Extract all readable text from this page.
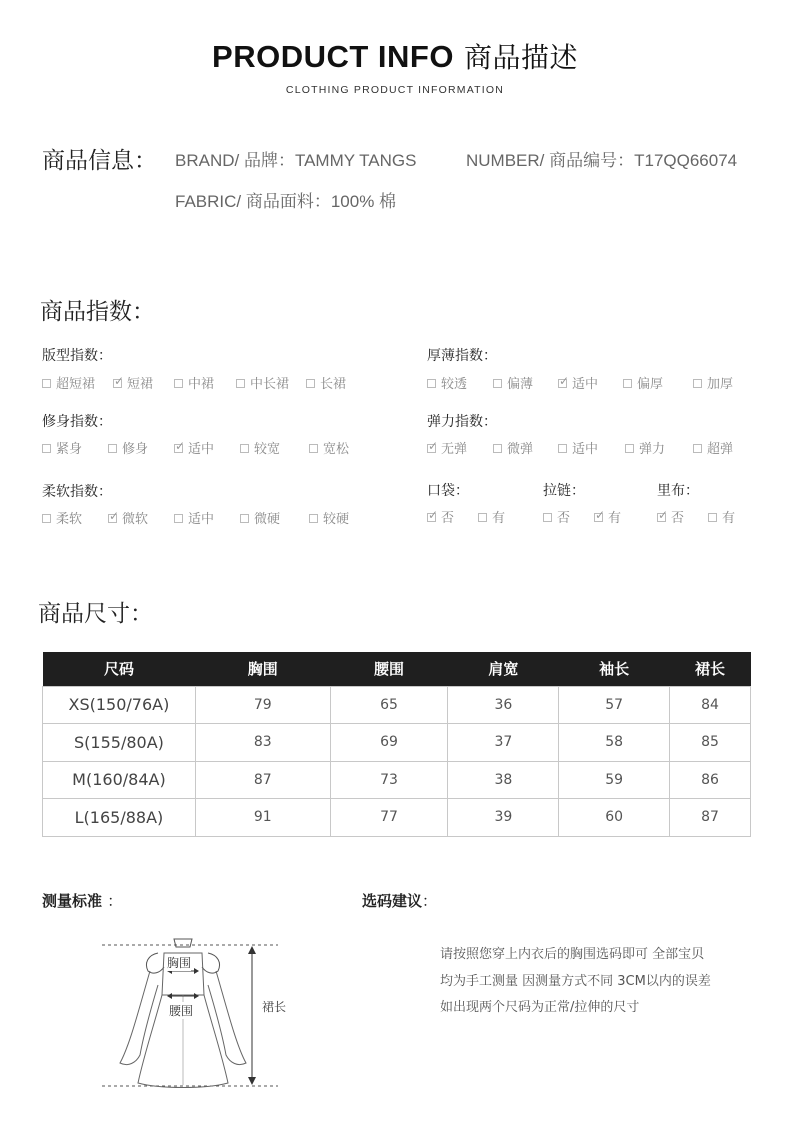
PRODUCT INFO 商品描述
CLOTHING PRODUCT INFORMATION
商品信息： BRAND/ 品牌：TAMMY TANGS	NUMBER/ 商品编号：T17QQ66074
FABRIC/ 商品面料：100% 棉
商品指数：
版型指数：
超短裙 ✓	短裙	中裙	中长裙	长裙
厚薄指数：
较透	偏薄 ✓	适中	偏厚	加厚
修身指数：
紧身	修身 ✓	适中	较宽	宽松
弹力指数：
✓无弹	微弹	适中	弹力	超弹
柔软指数：
柔软 ✓	微软	适中	微硬	较硬
口袋：
✓否	有
拉链：
否 ✓	有
里布：
✓否	有
商品尺寸：
尺码	胸围	腰围	肩宽	袖长	裙长
XS(150/76A)	79	65	36	57	84
S(155/80A)	83	69	37	58	85
M(160/84A)	87	73	38	59	86
L(165/88A)	91	77	39	60	87
测量标准 ：	选码建议：
胸围
腰围	裙长
请按照您穿上内衣后的胸围选码即可 全部宝贝
均为手工测量 因测量方式不同 3CM以内的误差
如出现两个尺码为正常/拉伸的尺寸
